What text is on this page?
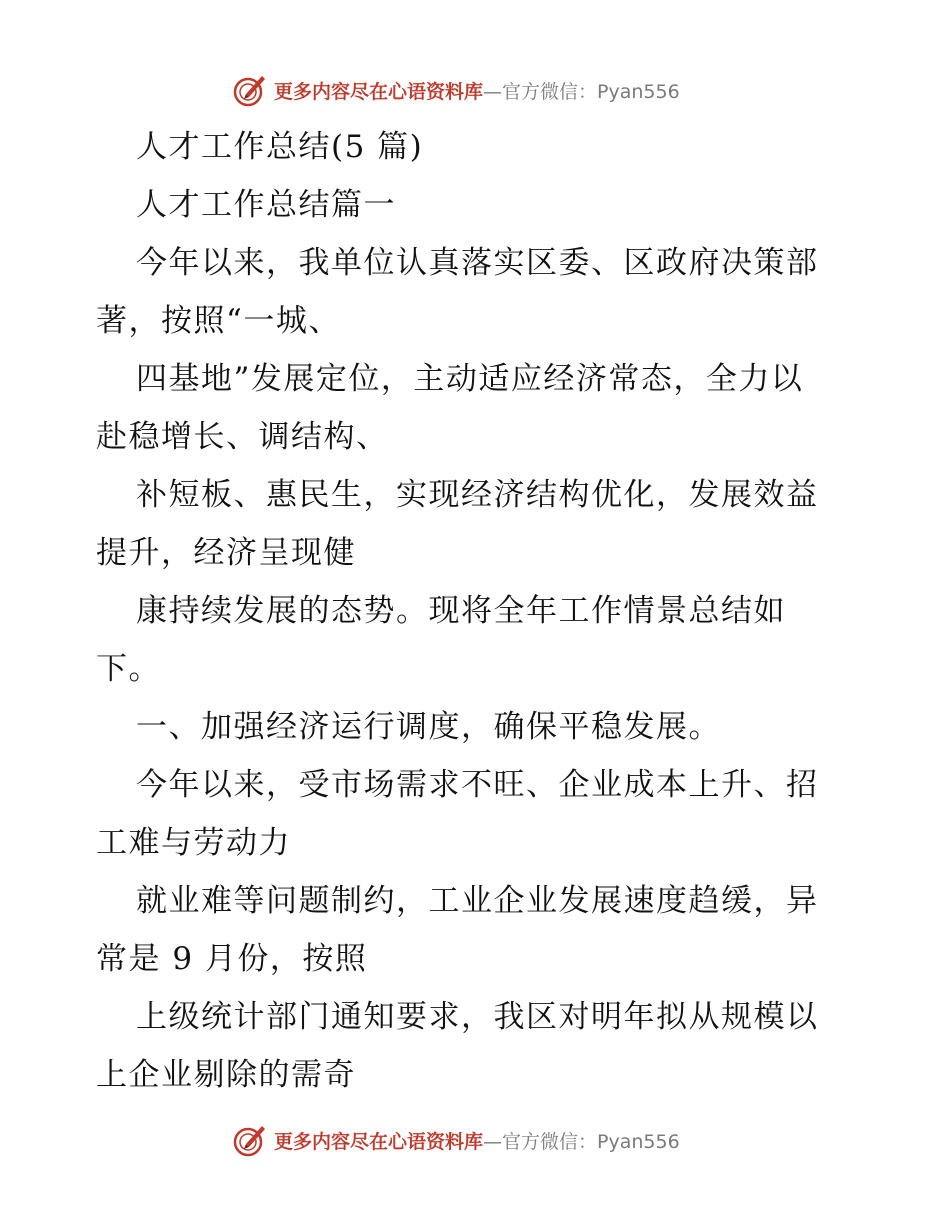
更多内容尽在心语资料库—官方微信：Pyan556
人才工作总结(5 篇)
人才工作总结篇一
今年以来，我单位认真落实区委、区政府决策部
著，按照“一城、
四基地”发展定位，主动适应经济常态，全力以
赴稳增长、调结构、
补短板、惠民生，实现经济结构优化，发展效益
提升，经济呈现健
康持续发展的态势。现将全年工作情景总结如
下。
一、加强经济运行调度，确保平稳发展。
今年以来，受市场需求不旺、企业成本上升、招
工难与劳动力
就业难等问题制约，工业企业发展速度趋缓，异
常是 9 月份，按照
上级统计部门通知要求，我区对明年拟从规模以
上企业剔除的需奇
更多内容尽在心语资料库—官方微信：Pyan556
